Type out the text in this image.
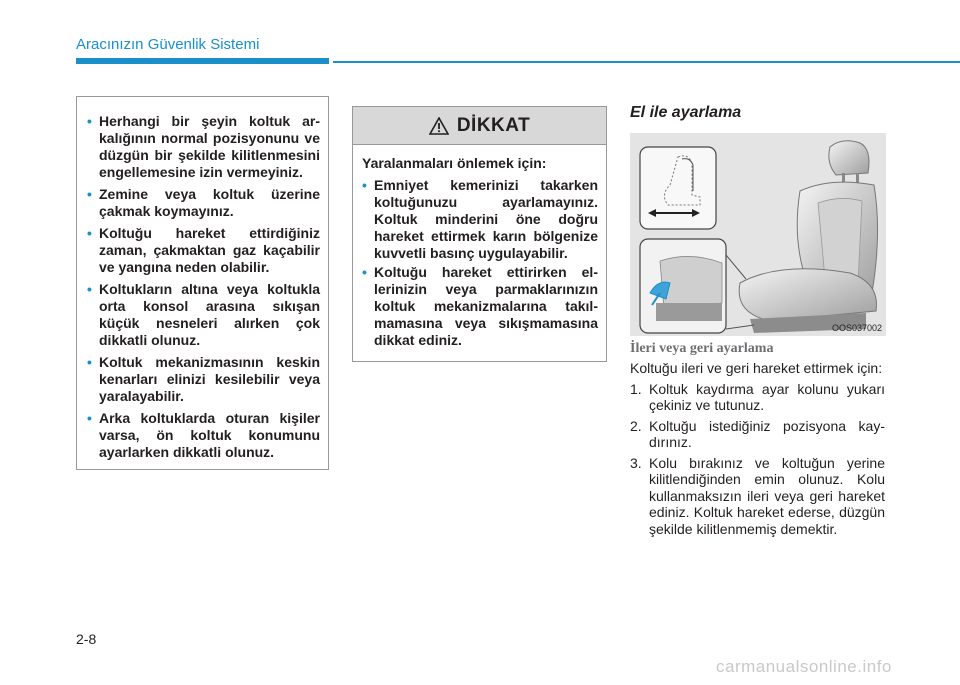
Aracınızın Güvenlik Sistemi
• Herhangi bir şeyin koltuk arkalığının normal pozisyonunu ve düzgün bir şekilde kilitlenmesini engellemesine izin vermeyiniz.
• Zemine veya koltuk üzerine çakmak koymayınız.
• Koltuğu hareket ettirdiğiniz zaman, çakmaktan gaz kaçabilir ve yangına neden olabilir.
• Koltukların altına veya koltukla orta konsol arasına sıkışan küçük nesneleri alırken çok dikkatli olunuz.
• Koltuk mekanizmasının keskin kenarları elinizi kesilebilir veya yaralayabilir.
• Arka koltuklarda oturan kişiler varsa, ön koltuk konumunu ayarlarken dikkatli olunuz.
DİKKAT
Yaralanmaları önlemek için:
• Emniyet kemerinizi takarken koltuğunuzu ayarlamayınız. Koltuk minderini öne doğru hareket ettirmek karın bölgenize kuvvetli basınç uygulayabilir.
• Koltuğu hareket ettirirken ellerinizin veya parmaklarınızın koltuk mekanizmalarına takılmamasına veya sıkışmamasına dikkat ediniz.
El ile ayarlama
OOS037002
İleri veya geri ayarlama
Koltuğu ileri ve geri hareket ettirmek için:
1. Koltuk kaydırma ayar kolunu yukarı çekiniz ve tutunuz.
2. Koltuğu istediğiniz pozisyona kaydırınız.
3. Kolu bırakınız ve koltuğun yerine kilitlendiğinden emin olunuz. Kolu kullanmaksızın ileri veya geri hareket ediniz. Koltuk hareket ederse, düzgün şekilde kilitlenmemiş demektir.
2-8
carmanualsonline.info
